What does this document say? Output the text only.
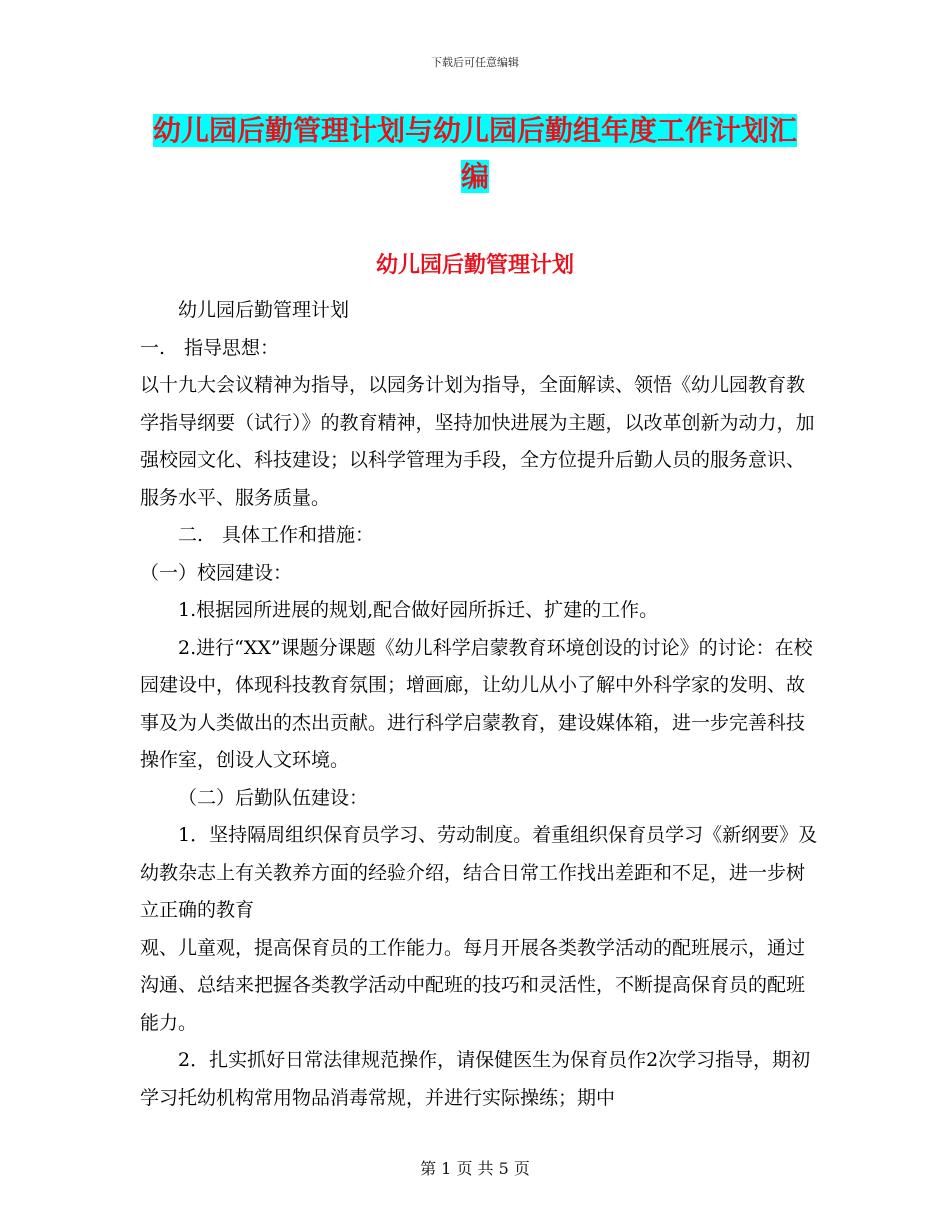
下载后可任意编辑
幼儿园后勤管理计划与幼儿园后勤组年度工作计划汇
编
幼儿园后勤管理计划

幼儿园后勤管理计划

一.　指导思想：

以十九大会议精神为指导，以园务计划为指导，全面解读、领悟《幼儿园教育教学指导纲要（试行）》的教育精神，坚持加快进展为主题，以改革创新为动力，加强校园文化、科技建设；以科学管理为手段，全方位提升后勤人员的服务意识、服务水平、服务质量。

二.　具体工作和措施：

（一）校园建设：

1.根据园所进展的规划,配合做好园所拆迁、扩建的工作。

2.进行“XX”课题分课题《幼儿科学启蒙教育环境创设的讨论》的讨论：在校园建设中，体现科技教育氛围；增画廊，让幼儿从小了解中外科学家的发明、故事及为人类做出的杰出贡献。进行科学启蒙教育，建设媒体箱，进一步完善科技操作室，创设人文环境。

（二）后勤队伍建设：

1．坚持隔周组织保育员学习、劳动制度。着重组织保育员学习《新纲要》及幼教杂志上有关教养方面的经验介绍，结合日常工作找出差距和不足，进一步树立正确的教育

观、儿童观，提高保育员的工作能力。每月开展各类教学活动的配班展示，通过沟通、总结来把握各类教学活动中配班的技巧和灵活性，不断提高保育员的配班能力。

2．扎实抓好日常法律规范操作，请保健医生为保育员作2次学习指导，期初学习托幼机构常用物品消毒常规，并进行实际操练；期中

第 1 页 共 5 页
